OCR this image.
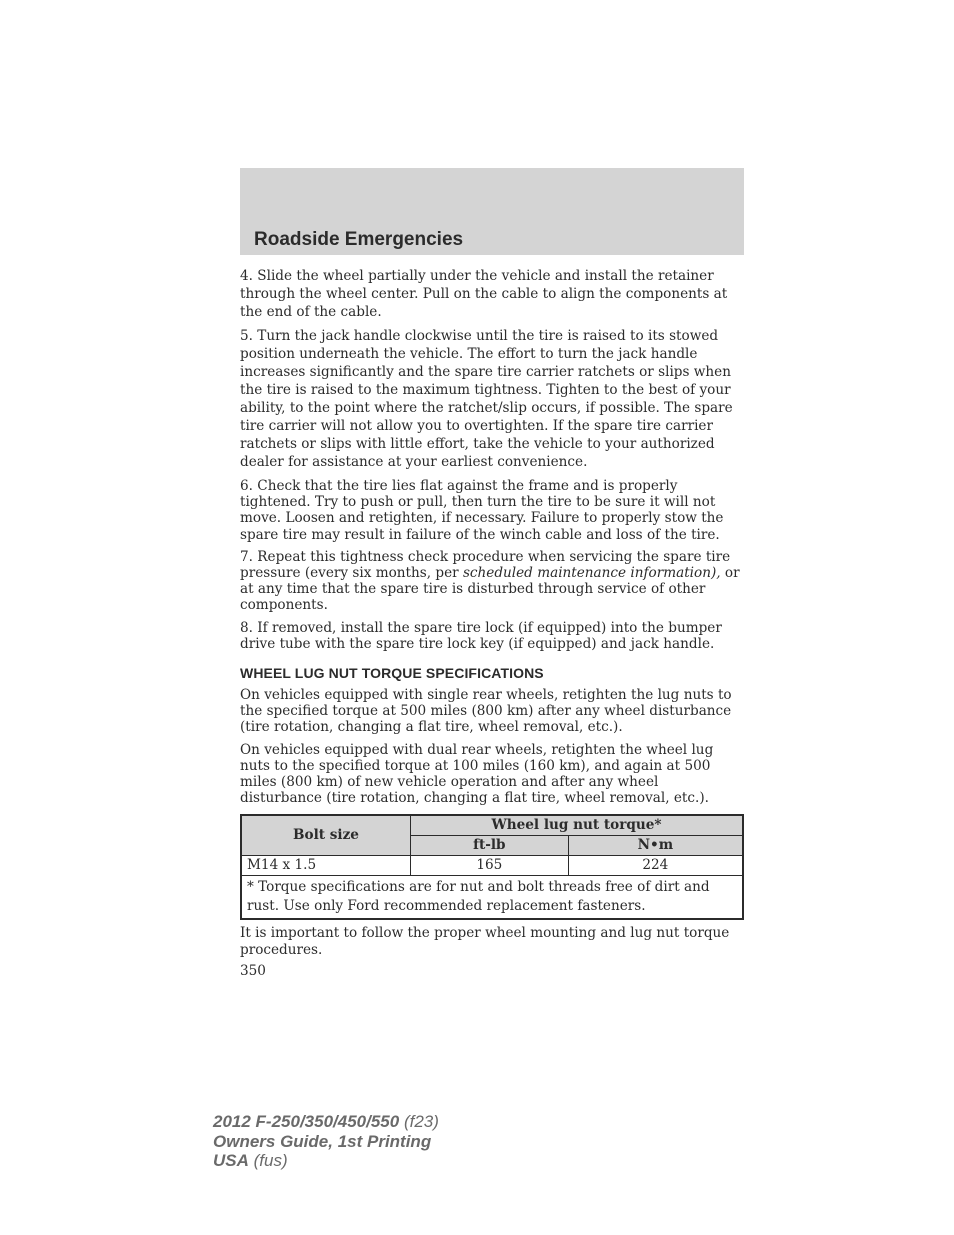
Roadside Emergencies

4. Slide the wheel partially under the vehicle and install the retainer through the wheel center. Pull on the cable to align the components at the end of the cable.

5. Turn the jack handle clockwise until the tire is raised to its stowed position underneath the vehicle. The effort to turn the jack handle increases significantly and the spare tire carrier ratchets or slips when the tire is raised to the maximum tightness. Tighten to the best of your ability, to the point where the ratchet/slip occurs, if possible. The spare tire carrier will not allow you to overtighten. If the spare tire carrier ratchets or slips with little effort, take the vehicle to your authorized dealer for assistance at your earliest convenience.

6. Check that the tire lies flat against the frame and is properly tightened. Try to push or pull, then turn the tire to be sure it will not move. Loosen and retighten, if necessary. Failure to properly stow the spare tire may result in failure of the winch cable and loss of the tire.

7. Repeat this tightness check procedure when servicing the spare tire pressure (every six months, per scheduled maintenance information), or at any time that the spare tire is disturbed through service of other components.

8. If removed, install the spare tire lock (if equipped) into the bumper drive tube with the spare tire lock key (if equipped) and jack handle.

WHEEL LUG NUT TORQUE SPECIFICATIONS

On vehicles equipped with single rear wheels, retighten the lug nuts to the specified torque at 500 miles (800 km) after any wheel disturbance (tire rotation, changing a flat tire, wheel removal, etc.).

On vehicles equipped with dual rear wheels, retighten the wheel lug nuts to the specified torque at 100 miles (160 km), and again at 500 miles (800 km) of new vehicle operation and after any wheel disturbance (tire rotation, changing a flat tire, wheel removal, etc.).

Bolt size	Wheel lug nut torque*	
	ft-lb	N•m
M14 x 1.5	165	224
* Torque specifications are for nut and bolt threads free of dirt and rust. Use only Ford recommended replacement fasteners.		

It is important to follow the proper wheel mounting and lug nut torque procedures.

350

2012 F-250/350/450/550 (f23)
Owners Guide, 1st Printing
USA (fus)
